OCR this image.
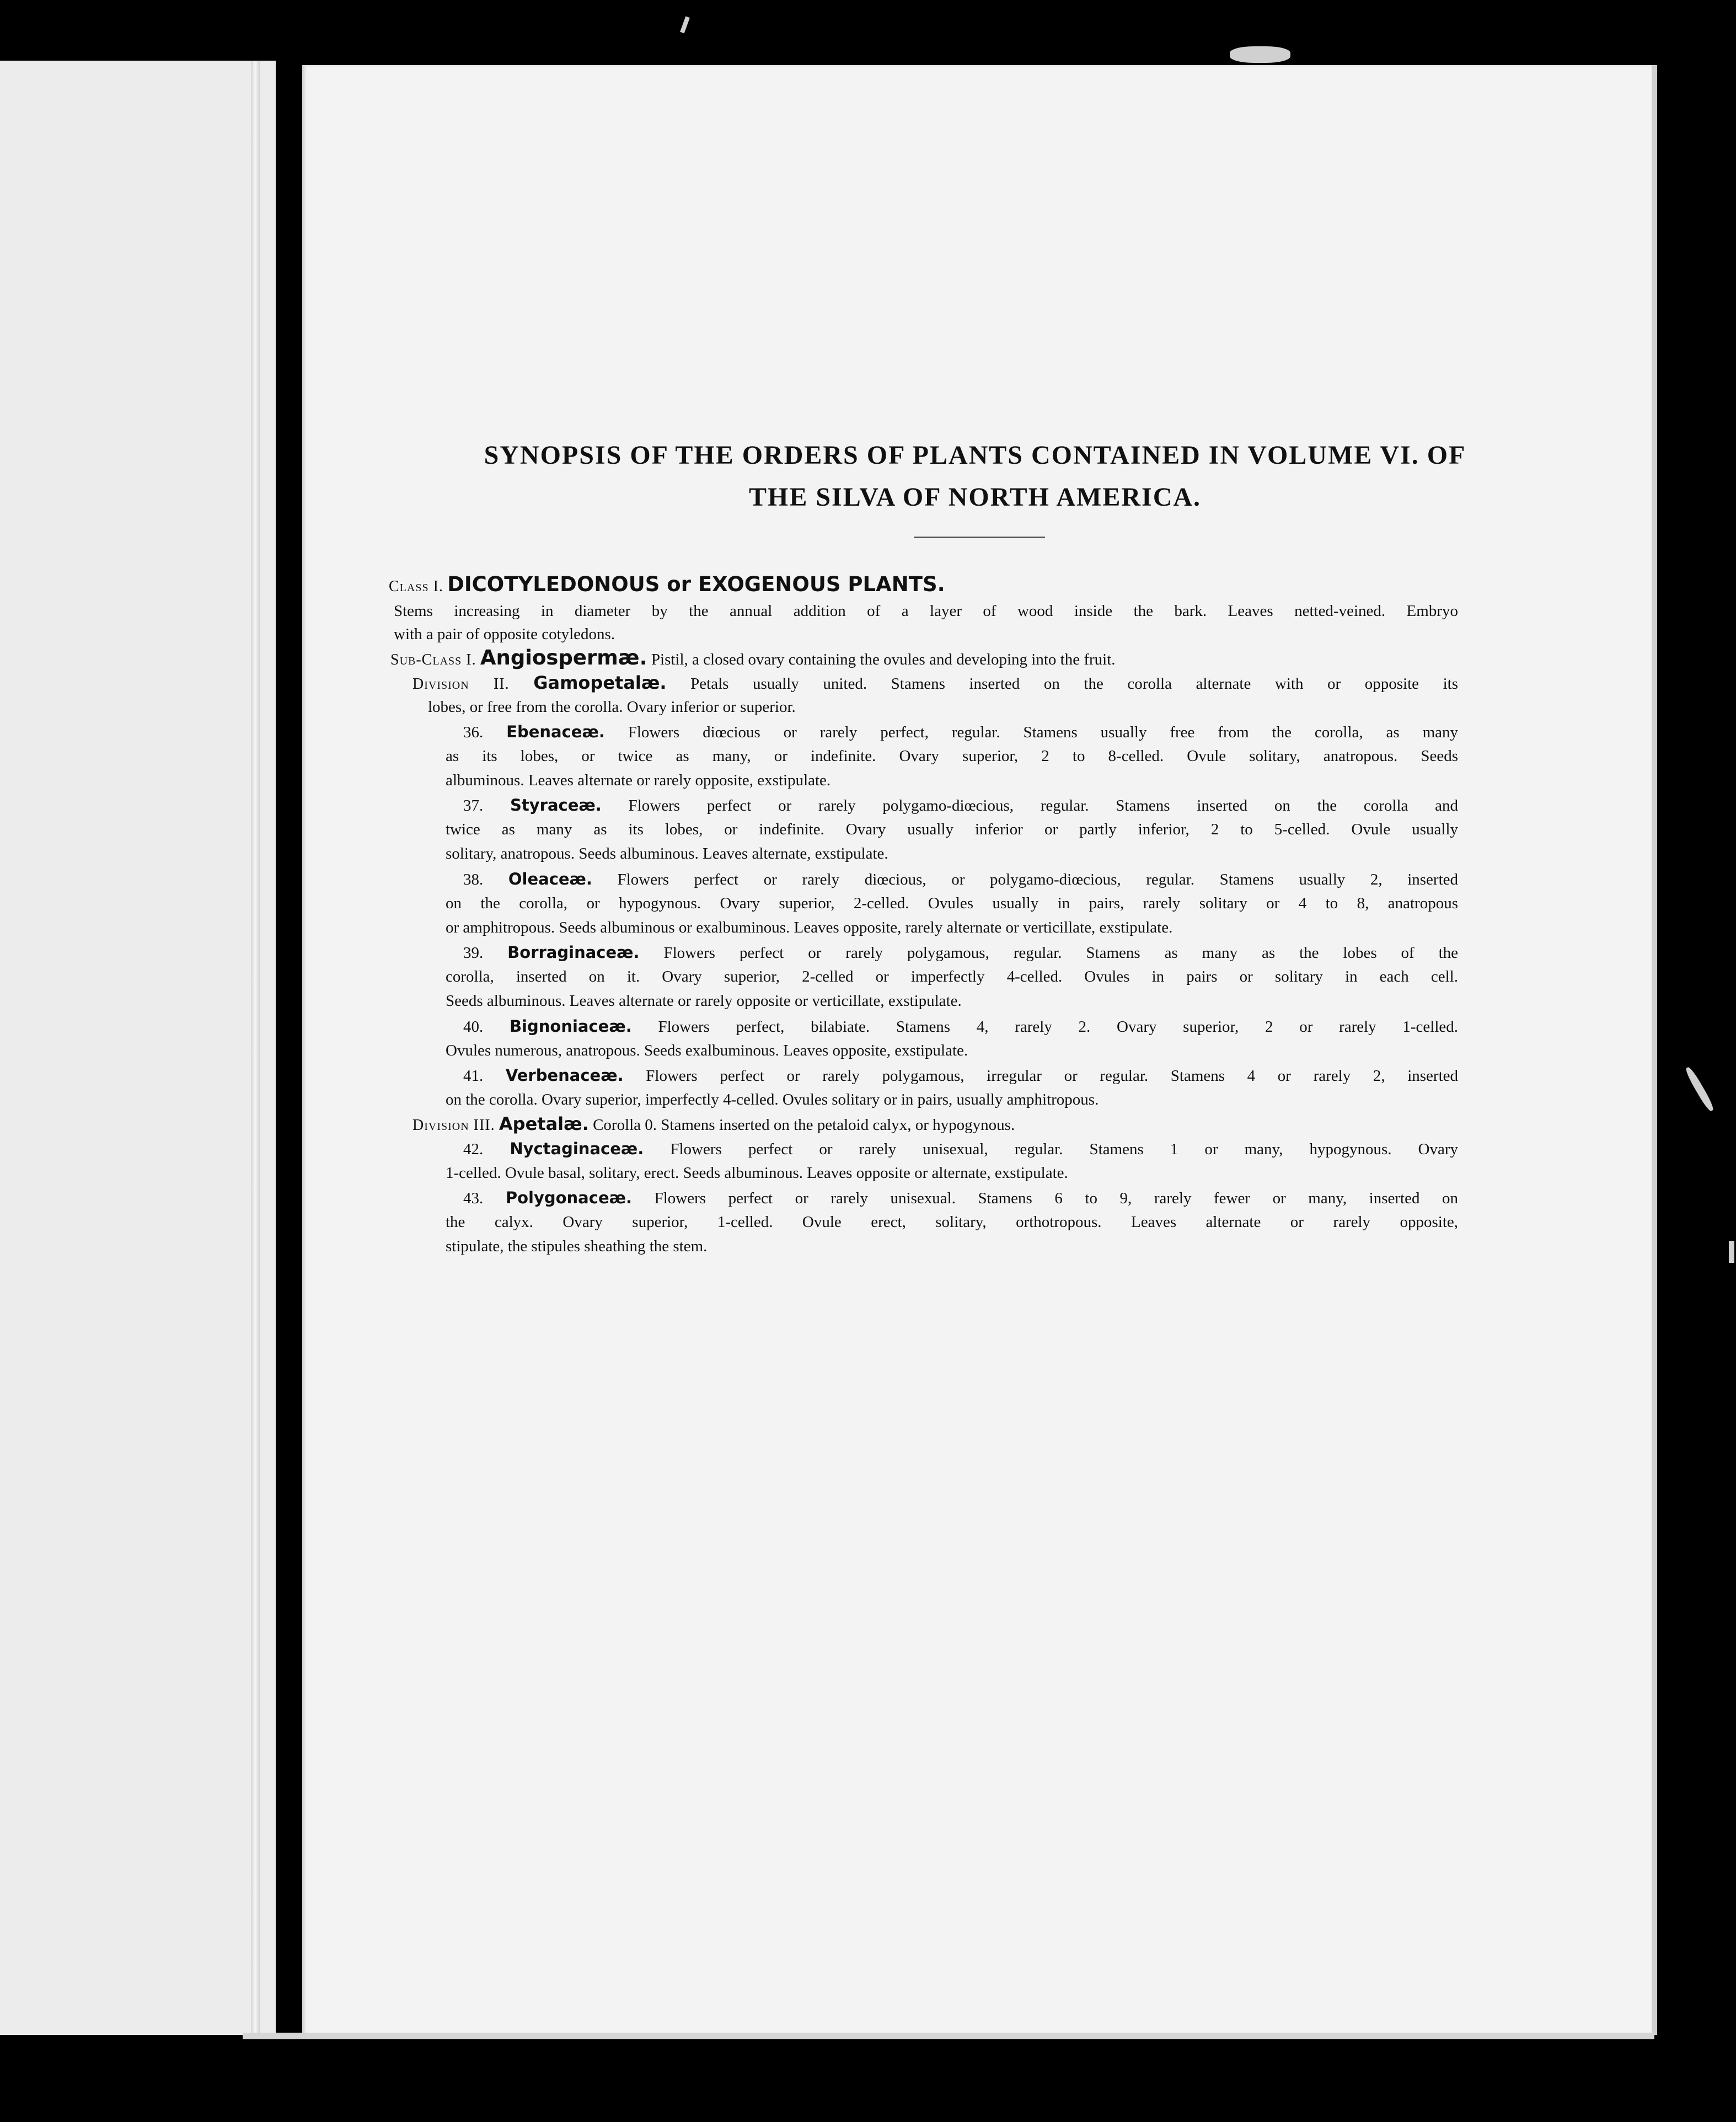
SYNOPSIS OF THE ORDERS OF PLANTS CONTAINED IN VOLUME VI. OF
THE SILVA OF NORTH AMERICA.
Class I. DICOTYLEDONOUS or EXOGENOUS PLANTS.
Stems increasing in diameter by the annual addition of a layer of wood inside the bark. Leaves netted-veined. Embryo
with a pair of opposite cotyledons.
Sub-Class I. Angiospermæ. Pistil, a closed ovary containing the ovules and developing into the fruit.
Division II. Gamopetalæ. Petals usually united. Stamens inserted on the corolla alternate with or opposite its
lobes, or free from the corolla. Ovary inferior or superior.
36. Ebenaceæ. Flowers diœcious or rarely perfect, regular. Stamens usually free from the corolla, as many
as its lobes, or twice as many, or indefinite. Ovary superior, 2 to 8-celled. Ovule solitary, anatropous. Seeds
albuminous. Leaves alternate or rarely opposite, exstipulate.
37. Styraceæ. Flowers perfect or rarely polygamo-diœcious, regular. Stamens inserted on the corolla and
twice as many as its lobes, or indefinite. Ovary usually inferior or partly inferior, 2 to 5-celled. Ovule usually
solitary, anatropous. Seeds albuminous. Leaves alternate, exstipulate.
38. Oleaceæ. Flowers perfect or rarely diœcious, or polygamo-diœcious, regular. Stamens usually 2, inserted
on the corolla, or hypogynous. Ovary superior, 2-celled. Ovules usually in pairs, rarely solitary or 4 to 8, anatropous
or amphitropous. Seeds albuminous or exalbuminous. Leaves opposite, rarely alternate or verticillate, exstipulate.
39. Borraginaceæ. Flowers perfect or rarely polygamous, regular. Stamens as many as the lobes of the
corolla, inserted on it. Ovary superior, 2-celled or imperfectly 4-celled. Ovules in pairs or solitary in each cell.
Seeds albuminous. Leaves alternate or rarely opposite or verticillate, exstipulate.
40. Bignoniaceæ. Flowers perfect, bilabiate. Stamens 4, rarely 2. Ovary superior, 2 or rarely 1-celled.
Ovules numerous, anatropous. Seeds exalbuminous. Leaves opposite, exstipulate.
41. Verbenaceæ. Flowers perfect or rarely polygamous, irregular or regular. Stamens 4 or rarely 2, inserted
on the corolla. Ovary superior, imperfectly 4-celled. Ovules solitary or in pairs, usually amphitropous.
Division III. Apetalæ. Corolla 0. Stamens inserted on the petaloid calyx, or hypogynous.
42. Nyctaginaceæ. Flowers perfect or rarely unisexual, regular. Stamens 1 or many, hypogynous. Ovary
1-celled. Ovule basal, solitary, erect. Seeds albuminous. Leaves opposite or alternate, exstipulate.
43. Polygonaceæ. Flowers perfect or rarely unisexual. Stamens 6 to 9, rarely fewer or many, inserted on
the calyx. Ovary superior, 1-celled. Ovule erect, solitary, orthotropous. Leaves alternate or rarely opposite,
stipulate, the stipules sheathing the stem.
